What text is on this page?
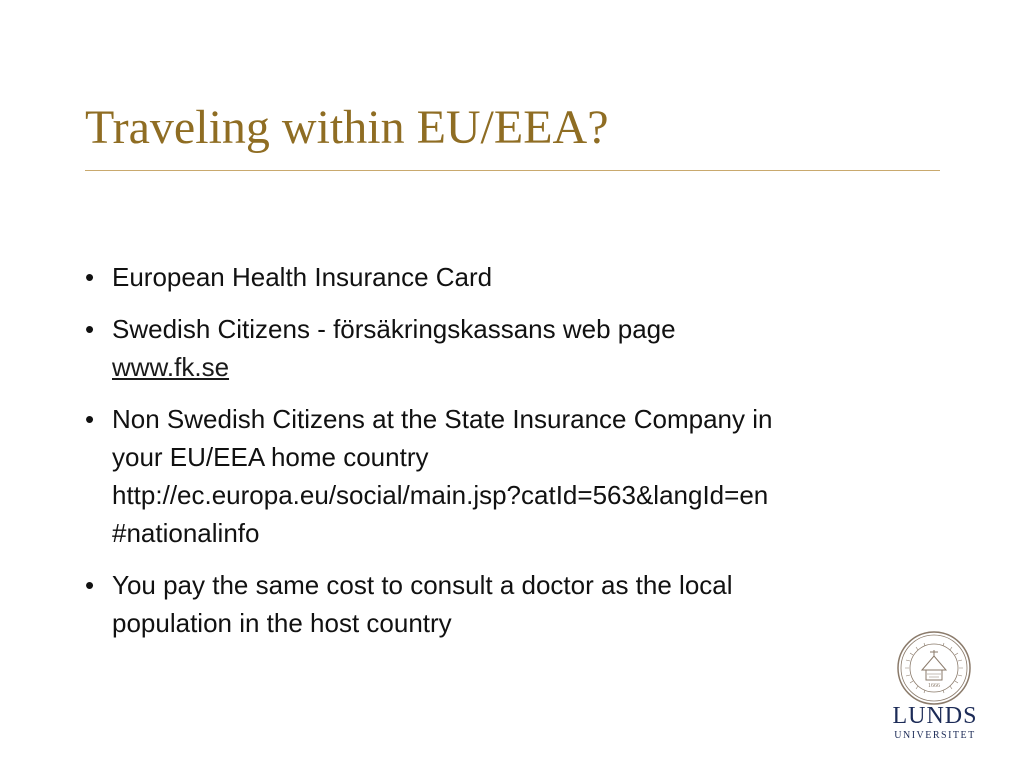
Traveling within EU/EEA?
• European Health Insurance Card
• Swedish Citizens - försäkringskassans web page
www.fk.se
• Non Swedish Citizens at the State Insurance Company in
your EU/EEA home country
http://ec.europa.eu/social/main.jsp?catId=563&langId=en
#nationalinfo
• You pay the same cost to consult a doctor as the local
population in the host country
1666
LUNDS
UNIVERSITET
